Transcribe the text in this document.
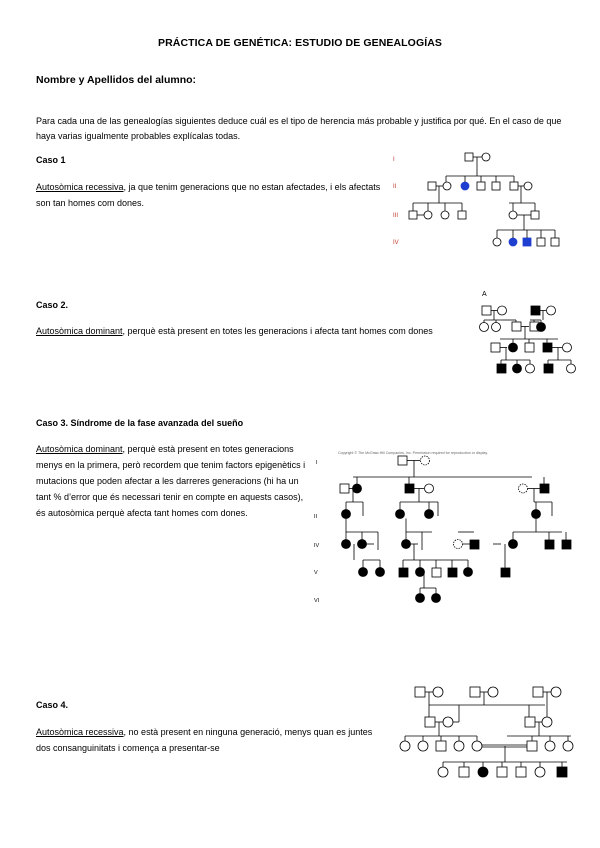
PRÁCTICA DE GENÉTICA: ESTUDIO DE GENEALOGÍAS
Nombre y Apellidos del alumno:
Para cada una de las genealogías siguientes deduce cuál es el tipo de herencia más probable y justifica por qué. En el caso de que haya varias igualmente probables explícalas todas.
Caso 1
Autosòmica recessiva, ja que tenim generacions que no estan afectades, i els afectats son tan homes com dones.
Caso 2.
Autosòmica dominant, perquè està present en totes les generacions i afecta tant homes com dones
Caso 3. Síndrome de la fase avanzada del sueño
Autosòmica dominant, perquè està present en totes generacions menys en la primera, però recordem que tenim factors epigenètics i mutacions que poden afectar a les darreres generacions (hi ha un tant % d’error que és necessari tenir en compte en aquests casos), és autosòmica perquè afecta tant homes com dones.
Caso 4.
Autosòmica recessiva, no està present en ninguna generació, menys quan es juntes dos consanguinitats i comença a presentar-se
I
II
III
IV
A
Copyright © The McGraw-Hill Companies, Inc. Permission required for reproduction or display.
I
II
IV
V
VI
